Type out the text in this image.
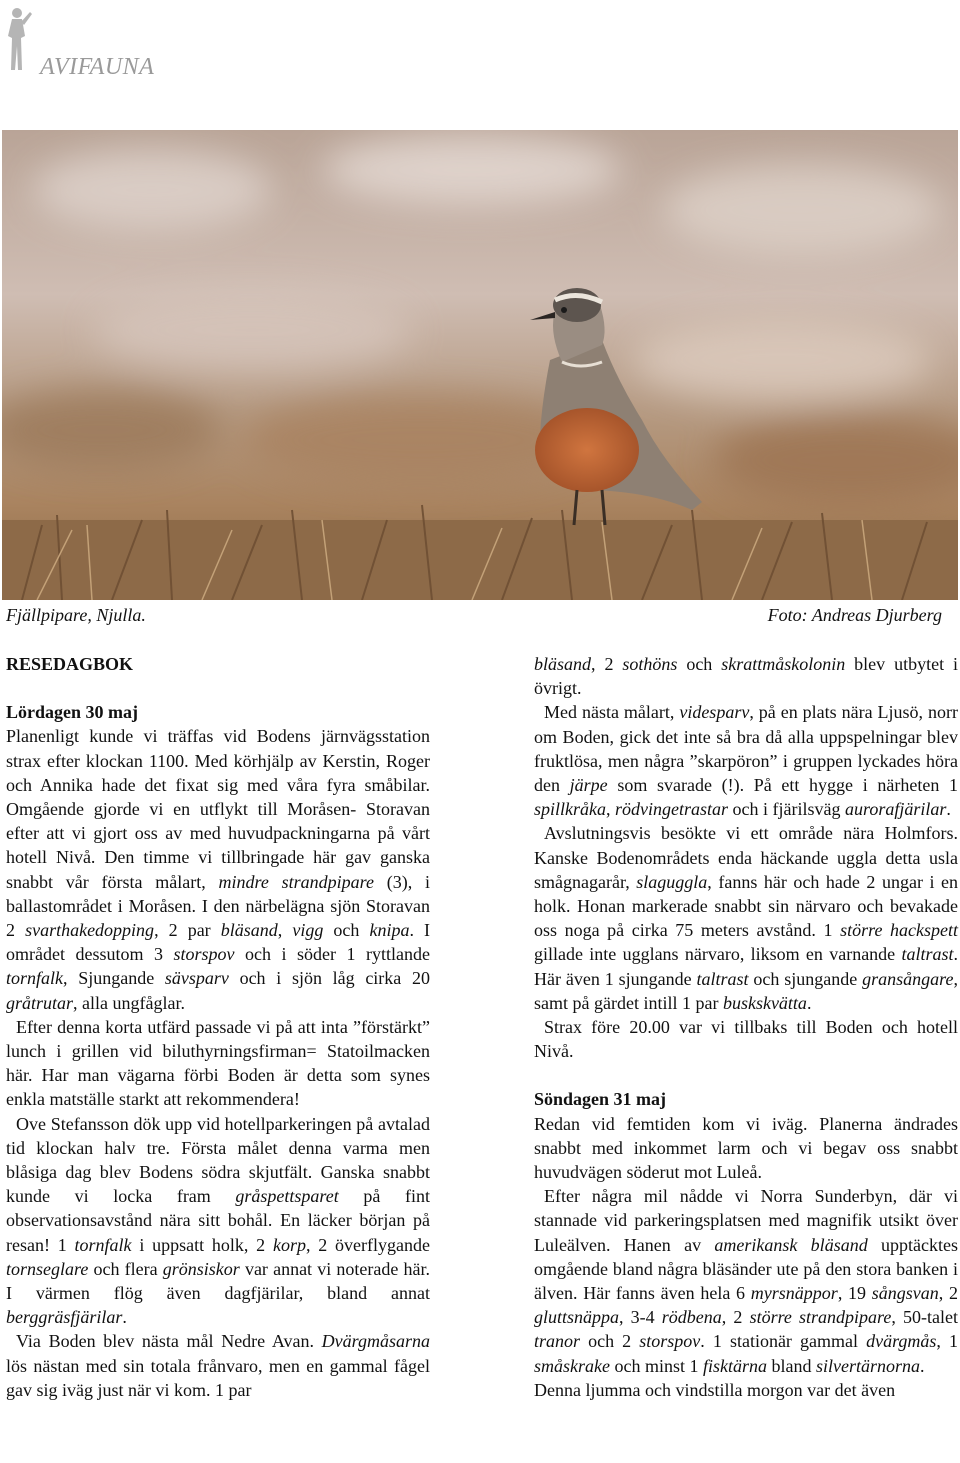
AVIFAUNA
Fjällpipare, Njulla.	Foto: Andreas Djurberg
RESEDAGBOK
Lördagen 30 maj

Planenligt kunde vi träffas vid Bodens järnvägsstation strax efter klockan 1100. Med körhjälp av Kerstin, Roger och Annika hade det fixat sig med våra fyra småbilar. Omgående gjorde vi en utflykt till Moråsen- Storavan efter att vi gjort oss av med huvudpackningarna på vårt hotell Nivå. Den timme vi tillbringade här gav ganska snabbt vår första målart, mindre strandpipare (3), i ballastområdet i Moråsen. I den närbelägna sjön Storavan 2 svarthakedopping, 2 par bläsand, vigg och knipa. I området dessutom 3 storspov och i söder 1 ryttlande tornfalk, Sjungande sävsparv och i sjön låg cirka 20 gråtrutar, alla ungfåglar.

Efter denna korta utfärd passade vi på att inta ”förstärkt” lunch i grillen vid biluthyrningsfirman= Statoilmacken här. Har man vägarna förbi Boden är detta som synes enkla matställe starkt att rekommendera!

Ove Stefansson dök upp vid hotellparkeringen på avtalad tid klockan halv tre. Första målet denna varma men blåsiga dag blev Bodens södra skjutfält. Ganska snabbt kunde vi locka fram gråspettsparet på fint observationsavstånd nära sitt bohål. En läcker början på resan! 1 tornfalk i uppsatt holk, 2 korp, 2 överflygande tornseglare och flera grönsiskor var annat vi noterade här. I värmen flög även dagfjärilar, bland annat berggräsfjärilar.

Via Boden blev nästa mål Nedre Avan. Dvärgmåsarna lös nästan med sin totala frånvaro, men en gammal fågel gav sig iväg just när vi kom. 1 par

bläsand, 2 sothöns och skrattmåskolonin blev utbytet i övrigt.

Med nästa målart, videsparv, på en plats nära Ljusö, norr om Boden, gick det inte så bra då alla uppspelningar blev fruktlösa, men några ”skarpöron” i gruppen lyckades höra den järpe som svarade (!). På ett hygge i närheten 1 spillkråka, rödvingetrastar och i fjärilsväg aurorafjärilar.

Avslutningsvis besökte vi ett område nära Holmfors. Kanske Bodenområdets enda häckande uggla detta usla smågnagarår, slaguggla, fanns här och hade 2 ungar i en holk. Honan markerade snabbt sin närvaro och bevakade oss noga på cirka 75 meters avstånd. 1 större hackspett gillade inte ugglans närvaro, liksom en varnande taltrast. Här även 1 sjungande taltrast och sjungande gransångare, samt på gärdet intill 1 par buskskvätta.

Strax före 20.00 var vi tillbaks till Boden och hotell Nivå.

Söndagen 31 maj

Redan vid femtiden kom vi iväg. Planerna ändrades snabbt med inkommet larm och vi begav oss snabbt huvudvägen söderut mot Luleå.

Efter några mil nådde vi Norra Sunderbyn, där vi stannade vid parkeringsplatsen med magnifik utsikt över Luleälven. Hanen av amerikansk bläsand upptäcktes omgående bland några bläsänder ute på den stora banken i älven. Här fanns även hela 6 myrsnäppor, 19 sångsvan, 2 gluttsnäppa, 3-4 rödbena, 2 större strandpipare, 50-talet tranor och 2 storspov. 1 stationär gammal dvärgmås, 1 småskrake och minst 1 fisktärna bland silvertärnorna.

Denna ljumma och vindstilla morgon var det även
